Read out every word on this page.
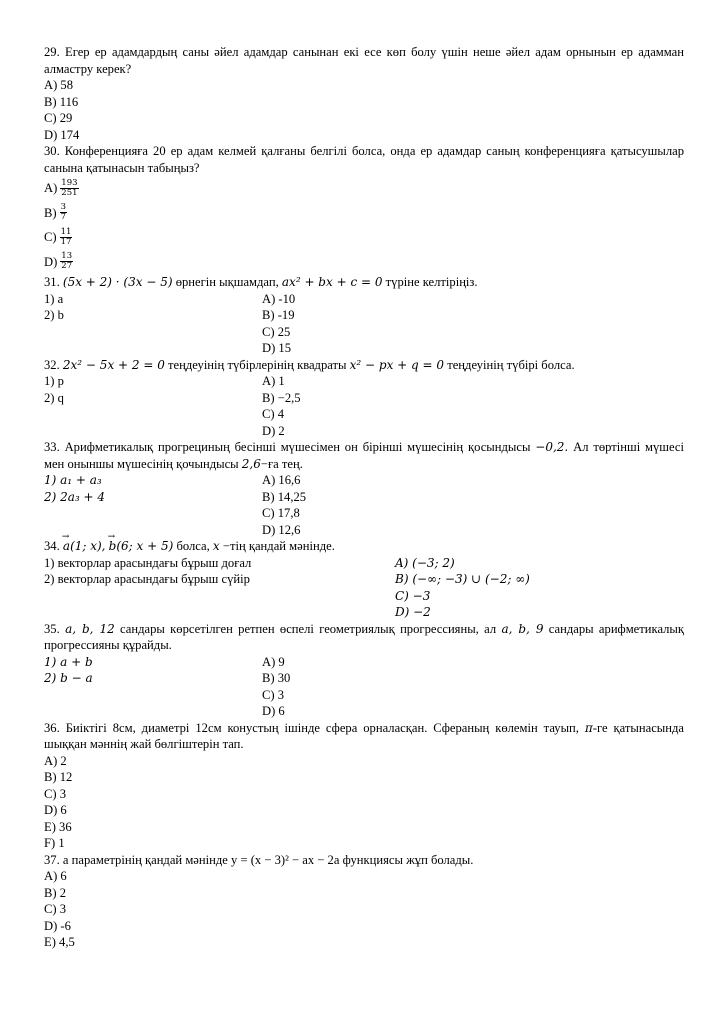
29. Егер ер адамдардың саны әйел адамдар санынан екі есе көп болу үшін неше әйел адам орнынын ер адамман алмастру керек?
A) 58
B) 116
C) 29
D) 174
30. Конференцияға 20 ер адам келмей қалғаны белгілі болса, онда ер адамдар саның конференцияға қатысушылар санына қатынасын табыңыз?
$A) \frac{193}{251}$
$B) \frac{3}{7}$
$C) \frac{11}{17}$
$D) \frac{13}{27}$
31. (5x + 2) · (3x − 5) өрнегін ықшамдап, ax² + bx + c = 0 түріне келтіріңіз.
1) a	A) -10
2) b	B) -19
C) 25
D) 15
32. 2x² − 5x + 2 = 0 теңдеуінің түбірлерінің квадраты x² − px + q = 0 теңдеуінің түбірі болса.
1) p	A) 1
2) q	B) −2,5
C) 4
D) 2
33. Арифметикалық прогрециның бесінші мүшесімен он бірінші мүшесінің қосындысы −0,2. Ал төртінші мүшесі мен оныншы мүшесінің қочындысы 2,6−ға тең.
1) a₁ + a₃	A) 16,6
2) 2a₃ + 4	B) 14,25
C) 17,8
D) 12,6
34. → a(1; x), → b(6; x + 5) болса, x −тің қандай мәнінде.
1) векторлар арасындағы бұрыш доғал	A) (−3; 2)
2) векторлар арасындағы бұрыш сүйір	B) (−∞; −3) ∪ (−2; ∞)
C) −3
D) −2
35. a, b, 12 сандары көрсетілген ретпен өспелі геометриялық прогрессияны, ал a, b, 9 сандары арифметикалық прогрессияны құрайды.
1) a + b	A) 9
2) b − a	B) 30
C) 3
D) 6
36. Биіктігі 8см, диаметрі 12см конустың ішінде сфера орналасқан. Сфераның көлемін тауып, π-ге қатынасында шыққан мәннің жай бөлгіштерін тап.
A) 2
B) 12
C) 3
D) 6
E) 36
F) 1
37. а параметрінің қандай мәнінде у = (x − 3)² − ax − 2a функциясы жұп болады.
A) 6
B) 2
C) 3
D) -6
E) 4,5
